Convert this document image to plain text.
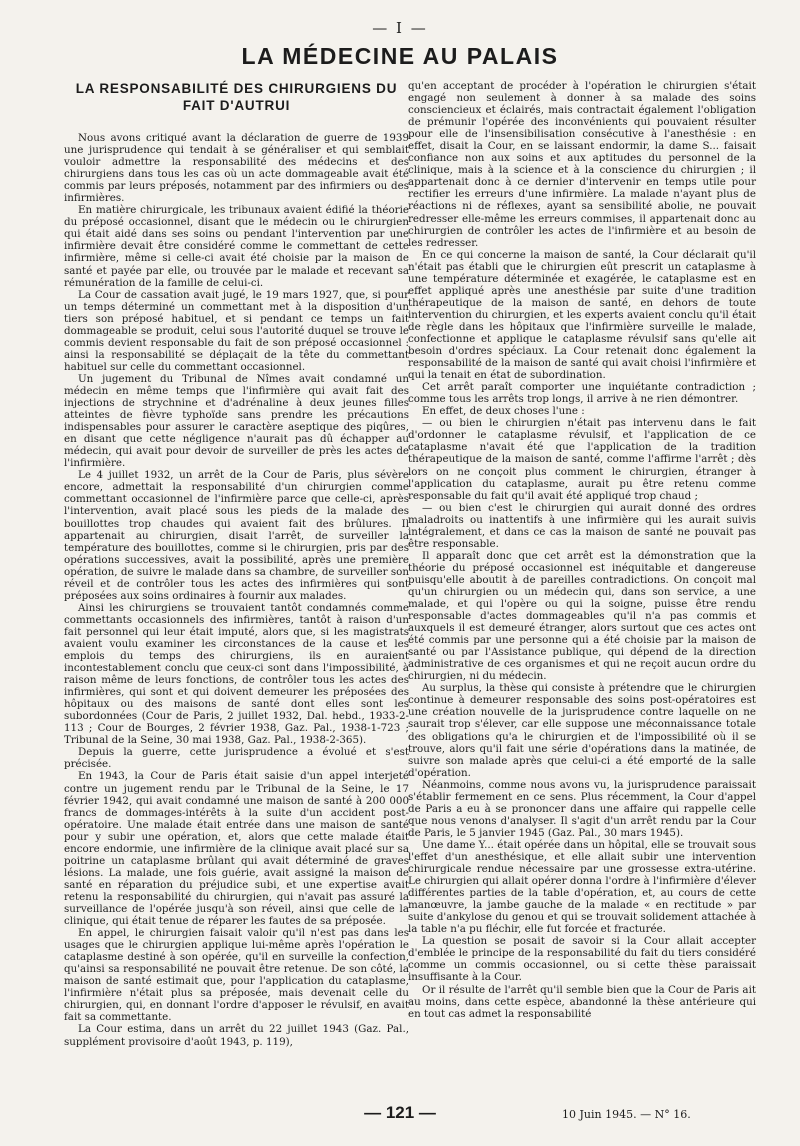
— I —
LA MÉDECINE AU PALAIS
LA RESPONSABILITÉ DES CHIRURGIENS DU FAIT D'AUTRUI

Nous avons critiqué avant la déclaration de guerre de 1939 une jurisprudence qui tendait à se généraliser et qui semblait vouloir admettre la responsabilité des médecins et des chirurgiens dans tous les cas où un acte dommageable avait été commis par leurs préposés, notamment par des infirmiers ou des infirmières.

En matière chirurgicale, les tribunaux avaient édifié la théorie du préposé occasionnel, disant que le médecin ou le chirurgien qui était aidé dans ses soins ou pendant l'intervention par une infirmière devait être considéré comme le commettant de cette infirmière, même si celle-ci avait été choisie par la maison de santé et payée par elle, ou trouvée par le malade et recevant sa rémunération de la famille de celui-ci.

La Cour de cassation avait jugé, le 19 mars 1927, que, si pour un temps déterminé un commettant met à la disposition d'un tiers son préposé habituel, et si pendant ce temps un fait dommageable se produit, celui sous l'autorité duquel se trouve le commis devient responsable du fait de son préposé occasionnel : ainsi la responsabilité se déplaçait de la tête du commettant habituel sur celle du commettant occasionnel.

Un jugement du Tribunal de Nîmes avait condamné un médecin en même temps que l'infirmière qui avait fait des injections de strychnine et d'adrénaline à deux jeunes filles atteintes de fièvre typhoïde sans prendre les précautions indispensables pour assurer le caractère aseptique des piqûres, en disant que cette négligence n'aurait pas dû échapper au médecin, qui avait pour devoir de surveiller de près les actes de l'infirmière.

Le 4 juillet 1932, un arrêt de la Cour de Paris, plus sévère encore, admettait la responsabilité d'un chirurgien comme commettant occasionnel de l'infirmière parce que celle-ci, après l'intervention, avait placé sous les pieds de la malade des bouillottes trop chaudes qui avaient fait des brûlures. Il appartenait au chirurgien, disait l'arrêt, de surveiller la température des bouillottes, comme si le chirurgien, pris par des opérations successives, avait la possibilité, après une première opération, de suivre le malade dans sa chambre, de surveiller son réveil et de contrôler tous les actes des infirmières qui sont préposées aux soins ordinaires à fournir aux malades.

Ainsi les chirurgiens se trouvaient tantôt condamnés comme commettants occasionnels des infirmières, tantôt à raison d'un fait personnel qui leur était imputé, alors que, si les magistrats avaient voulu examiner les circonstances de la cause et les emplois du temps des chirurgiens, ils en auraient incontestablement conclu que ceux-ci sont dans l'impossibilité, à raison même de leurs fonctions, de contrôler tous les actes des infirmières, qui sont et qui doivent demeurer les préposées des hôpitaux ou des maisons de santé dont elles sont les subordonnées (Cour de Paris, 2 juillet 1932, Dal. hebd., 1933-2-113 ; Cour de Bourges, 2 février 1938, Gaz. Pal., 1938-1-723 ; Tribunal de la Seine, 30 mai 1938, Gaz. Pal., 1938-2-365).

Depuis la guerre, cette jurisprudence a évolué et s'est précisée.

En 1943, la Cour de Paris était saisie d'un appel interjeté contre un jugement rendu par le Tribunal de la Seine, le 17 février 1942, qui avait condamné une maison de santé à 200 000 francs de dommages-intérêts à la suite d'un accident post-opératoire. Une malade était entrée dans une maison de santé pour y subir une opération, et, alors que cette malade était encore endormie, une infirmière de la clinique avait placé sur sa poitrine un cataplasme brûlant qui avait déterminé de graves lésions. La malade, une fois guérie, avait assigné la maison de santé en réparation du préjudice subi, et une expertise avait retenu la responsabilité du chirurgien, qui n'avait pas assuré la surveillance de l'opérée jusqu'à son réveil, ainsi que celle de la clinique, qui était tenue de réparer les fautes de sa préposée.

En appel, le chirurgien faisait valoir qu'il n'est pas dans les usages que le chirurgien applique lui-même après l'opération le cataplasme destiné à son opérée, qu'il en surveille la confection, qu'ainsi sa responsabilité ne pouvait être retenue. De son côté, la maison de santé estimait que, pour l'application du cataplasme, l'infirmière n'était plus sa préposée, mais devenait celle du chirurgien, qui, en donnant l'ordre d'apposer le révulsif, en avait fait sa commettante.

La Cour estima, dans un arrêt du 22 juillet 1943 (Gaz. Pal., supplément provisoire d'août 1943, p. 119),

qu'en acceptant de procéder à l'opération le chirurgien s'était engagé non seulement à donner à sa malade des soins consciencieux et éclairés, mais contractait également l'obligation de prémunir l'opérée des inconvénients qui pouvaient résulter pour elle de l'insensibilisation consécutive à l'anesthésie : en effet, disait la Cour, en se laissant endormir, la dame S... faisait confiance non aux soins et aux aptitudes du personnel de la clinique, mais à la science et à la conscience du chirurgien ; il appartenait donc à ce dernier d'intervenir en temps utile pour rectifier les erreurs d'une infirmière. La malade n'ayant plus de réactions ni de réflexes, ayant sa sensibilité abolie, ne pouvait redresser elle-même les erreurs commises, il appartenait donc au chirurgien de contrôler les actes de l'infirmière et au besoin de les redresser.

En ce qui concerne la maison de santé, la Cour déclarait qu'il n'était pas établi que le chirurgien eût prescrit un cataplasme à une température déterminée et exagérée, le cataplasme est en effet appliqué après une anesthésie par suite d'une tradition thérapeutique de la maison de santé, en dehors de toute intervention du chirurgien, et les experts avaient conclu qu'il était de règle dans les hôpitaux que l'infirmière surveille le malade, confectionne et applique le cataplasme révulsif sans qu'elle ait besoin d'ordres spéciaux. La Cour retenait donc également la responsabilité de la maison de santé qui avait choisi l'infirmière et qui la tenait en état de subordination.

Cet arrêt paraît comporter une inquiétante contradiction ; comme tous les arrêts trop longs, il arrive à ne rien démontrer.

En effet, de deux choses l'une :

— ou bien le chirurgien n'était pas intervenu dans le fait d'ordonner le cataplasme révulsif, et l'application de ce cataplasme n'avait été que l'application de la tradition thérapeutique de la maison de santé, comme l'affirme l'arrêt ; dès lors on ne conçoit plus comment le chirurgien, étranger à l'application du cataplasme, aurait pu être retenu comme responsable du fait qu'il avait été appliqué trop chaud ;

— ou bien c'est le chirurgien qui aurait donné des ordres maladroits ou inattentifs à une infirmière qui les aurait suivis intégralement, et dans ce cas la maison de santé ne pouvait pas être responsable.

Il apparaît donc que cet arrêt est la démonstration que la théorie du préposé occasionnel est inéquitable et dangereuse puisqu'elle aboutit à de pareilles contradictions. On conçoit mal qu'un chirurgien ou un médecin qui, dans son service, a une malade, et qui l'opère ou qui la soigne, puisse être rendu responsable d'actes dommageables qu'il n'a pas commis et auxquels il est demeuré étranger, alors surtout que ces actes ont été commis par une personne qui a été choisie par la maison de santé ou par l'Assistance publique, qui dépend de la direction administrative de ces organismes et qui ne reçoit aucun ordre du chirurgien, ni du médecin.

Au surplus, la thèse qui consiste à prétendre que le chirurgien continue à demeurer responsable des soins post-opératoires est une création nouvelle de la jurisprudence contre laquelle on ne saurait trop s'élever, car elle suppose une méconnaissance totale des obligations qu'a le chirurgien et de l'impossibilité où il se trouve, alors qu'il fait une série d'opérations dans la matinée, de suivre son malade après que celui-ci a été emporté de la salle d'opération.

Néanmoins, comme nous avons vu, la jurisprudence paraissait s'établir fermement en ce sens. Plus récemment, la Cour d'appel de Paris a eu à se prononcer dans une affaire qui rappelle celle que nous venons d'analyser. Il s'agit d'un arrêt rendu par la Cour de Paris, le 5 janvier 1945 (Gaz. Pal., 30 mars 1945).

Une dame Y... était opérée dans un hôpital, elle se trouvait sous l'effet d'un anesthésique, et elle allait subir une intervention chirurgicale rendue nécessaire par une grossesse extra-utérine. Le chirurgien qui allait opérer donna l'ordre à l'infirmière d'élever différentes parties de la table d'opération, et, au cours de cette manœuvre, la jambe gauche de la malade « en rectitude » par suite d'ankylose du genou et qui se trouvait solidement attachée à la table n'a pu fléchir, elle fut forcée et fracturée.

La question se posait de savoir si la Cour allait accepter d'emblée le principe de la responsabilité du fait du tiers considéré comme un commis occasionnel, ou si cette thèse paraissait insuffisante à la Cour.

Or il résulte de l'arrêt qu'il semble bien que la Cour de Paris ait au moins, dans cette espèce, abandonné la thèse antérieure qui en tout cas admet la responsabilité

— 121 —	10 Juin 1945. — N° 16.
